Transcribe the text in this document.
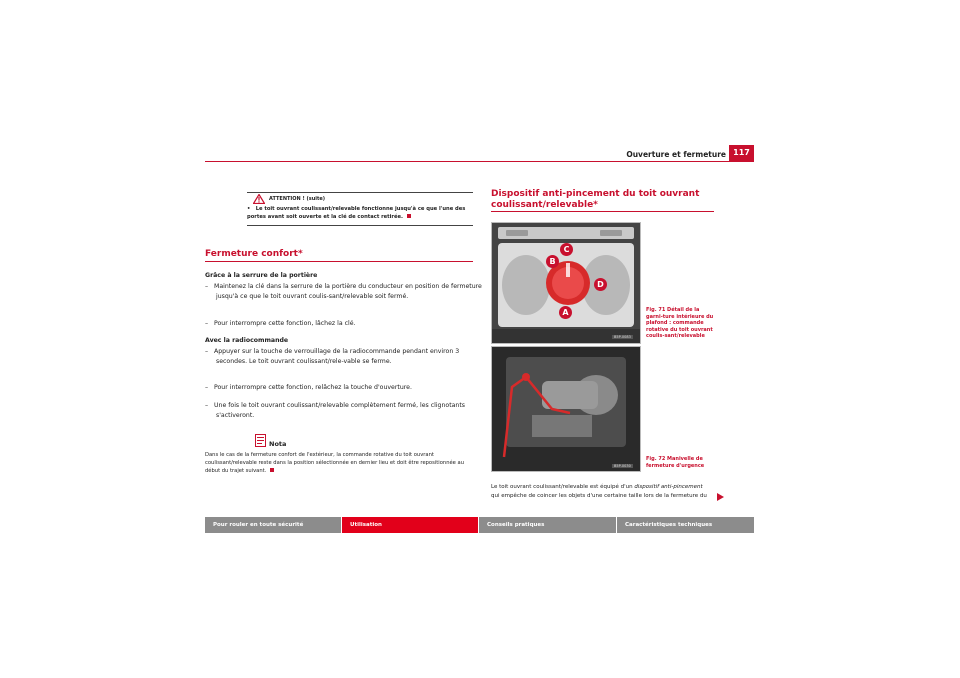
Ouverture et fermeture 117
ATTENTION ! (suite)
•   Le toit ouvrant coulissant/relevable fonctionne jusqu'à ce que l'une des portes avant soit ouverte et la clé de contact retirée.
Fermeture confort*
Grâce à la serrure de la portière
–   Maintenez la clé dans la serrure de la portière du conducteur en position de fermeture jusqu'à ce que le toit ouvrant coulis-sant/relevable soit fermé.
–   Pour interrompre cette fonction, lâchez la clé.
Avec la radiocommande
–   Appuyer sur la touche de verrouillage de la radiocommande pendant environ 3 secondes. Le toit ouvrant coulissant/rele-vable se ferme.
–   Pour interrompre cette fonction, relâchez la touche d'ouverture.
–   Une fois le toit ouvrant coulissant/relevable complètement fermé, les clignotants s'activeront.
Nota
Dans le cas de la fermeture confort de l'extérieur, la commande rotative du toit ouvrant coulissant/relevable reste dans la position sélectionnée en dernier lieu et doit être repositionnée au début du trajet suivant.
Dispositif anti-pincement du toit ouvrant coulissant/relevable*
B
C
D
A
B5P-0083
Fig. 71 Détail de la garni-ture intérieure du plafond : commande rotative du toit ouvrant coulis-sant/relevable
B5P-0030
Fig. 72 Manivelle de fermeture d'urgence
Le toit ouvrant coulissant/relevable est équipé d'un dispositif anti-pincement
qui empêche de coincer les objets d'une certaine taille lors de la fermeture du
Pour rouler en toute sécurité	Utilisation	Conseils pratiques	Caractéristiques techniques
